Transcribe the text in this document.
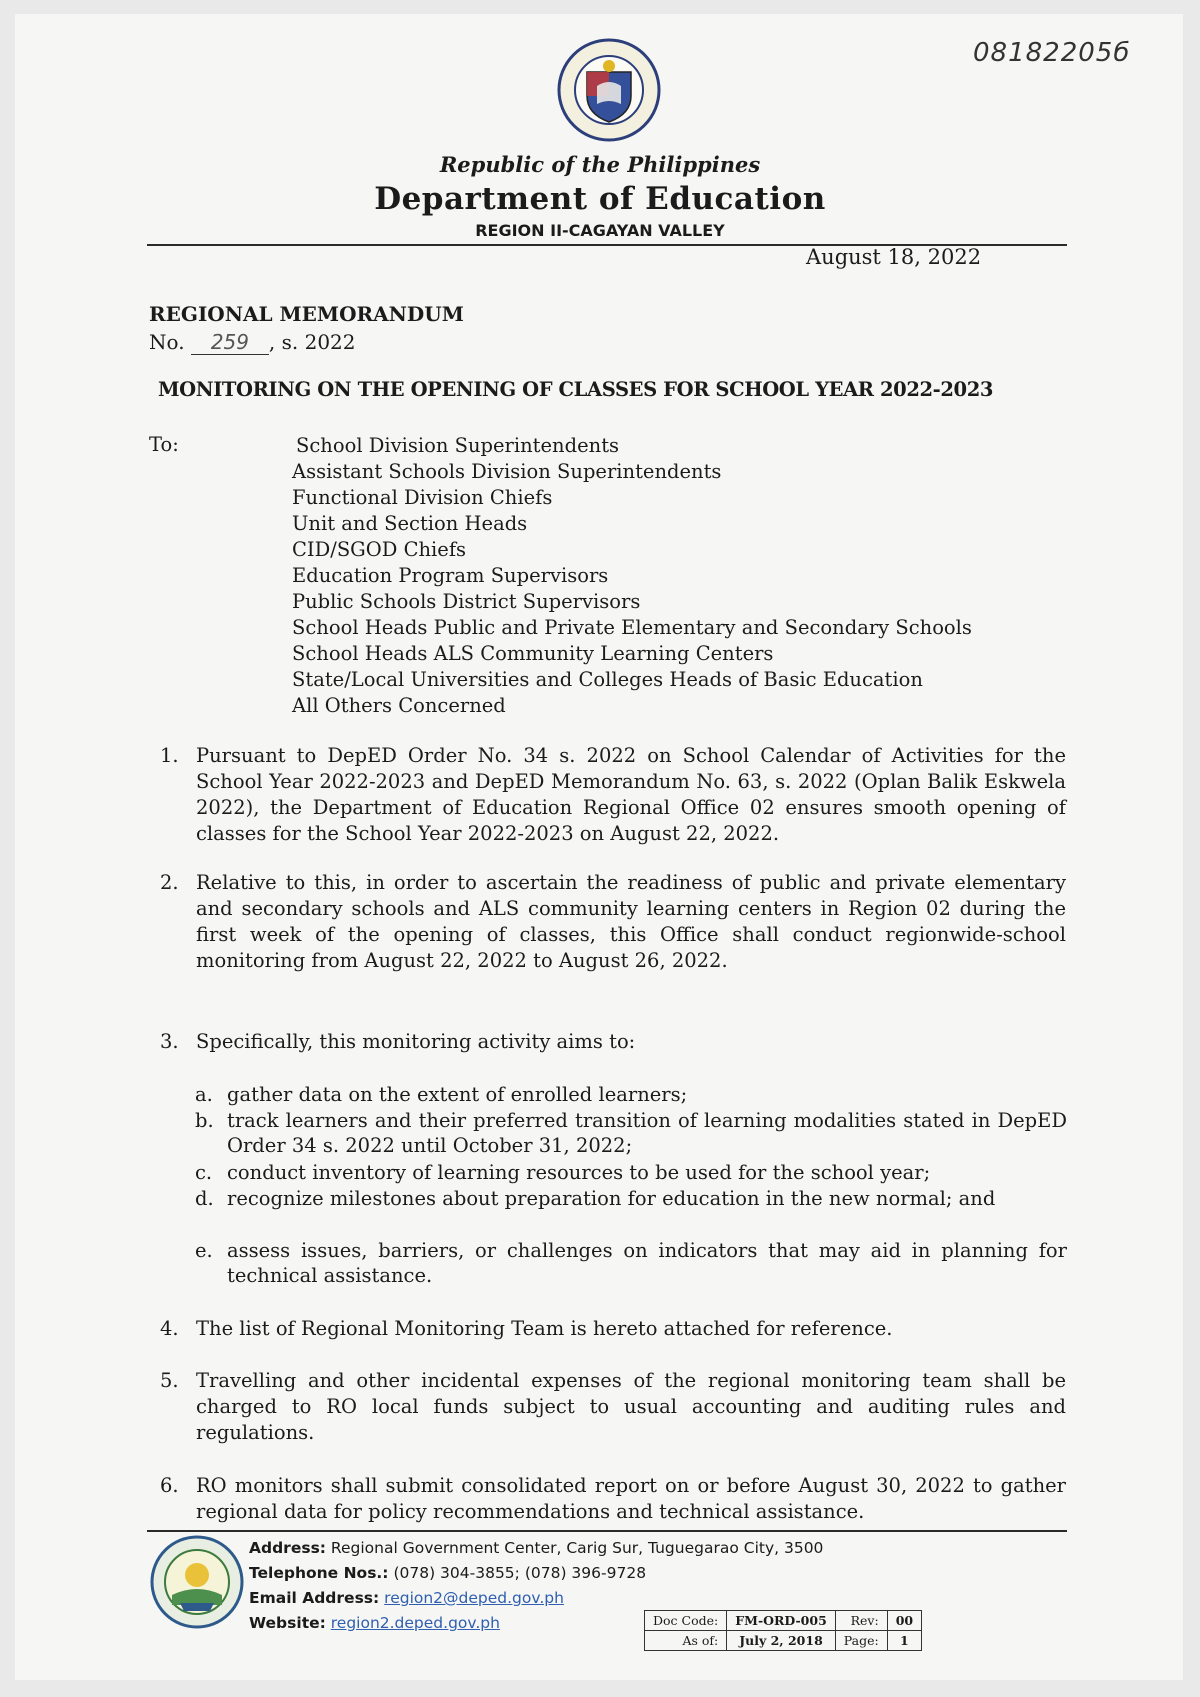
08182205б
Republic of the Philippines
Department of Education
REGION II-CAGAYAN VALLEY
August 18, 2022
REGIONAL MEMORANDUM
No. 259 , s. 2022
MONITORING ON THE OPENING OF CLASSES FOR SCHOOL YEAR 2022-2023
To:	School Division Superintendents
Assistant Schools Division Superintendents
Functional Division Chiefs
Unit and Section Heads
CID/SGOD Chiefs
Education Program Supervisors
Public Schools District Supervisors
School Heads Public and Private Elementary and Secondary Schools
School Heads ALS Community Learning Centers
State/Local Universities and Colleges Heads of Basic Education
All Others Concerned
1. Pursuant to DepED Order No. 34 s. 2022 on School Calendar of Activities for the School Year 2022-2023 and DepED Memorandum No. 63, s. 2022 (Oplan Balik Eskwela 2022), the Department of Education Regional Office 02 ensures smooth opening of classes for the School Year 2022-2023 on August 22, 2022.
2. Relative to this, in order to ascertain the readiness of public and private elementary and secondary schools and ALS community learning centers in Region 02 during the first week of the opening of classes, this Office shall conduct regionwide-school monitoring from August 22, 2022 to August 26, 2022.
3. Specifically, this monitoring activity aims to:
a. gather data on the extent of enrolled learners;
b. track learners and their preferred transition of learning modalities stated in DepED Order 34 s. 2022 until October 31, 2022;
c. conduct inventory of learning resources to be used for the school year;
d. recognize milestones about preparation for education in the new normal; and
e. assess issues, barriers, or challenges on indicators that may aid in planning for technical assistance.
4. The list of Regional Monitoring Team is hereto attached for reference.
5. Travelling and other incidental expenses of the regional monitoring team shall be charged to RO local funds subject to usual accounting and auditing rules and regulations.
6. RO monitors shall submit consolidated report on or before August 30, 2022 to gather regional data for policy recommendations and technical assistance.
Address: Regional Government Center, Carig Sur, Tuguegarao City, 3500
Telephone Nos.: (078) 304-3855; (078) 396-9728
Email Address: region2@deped.gov.ph
Website: region2.deped.gov.ph	Doc Code:	FM-ORD-005	Rev:	00
As of:	July 2, 2018	Page:	1
